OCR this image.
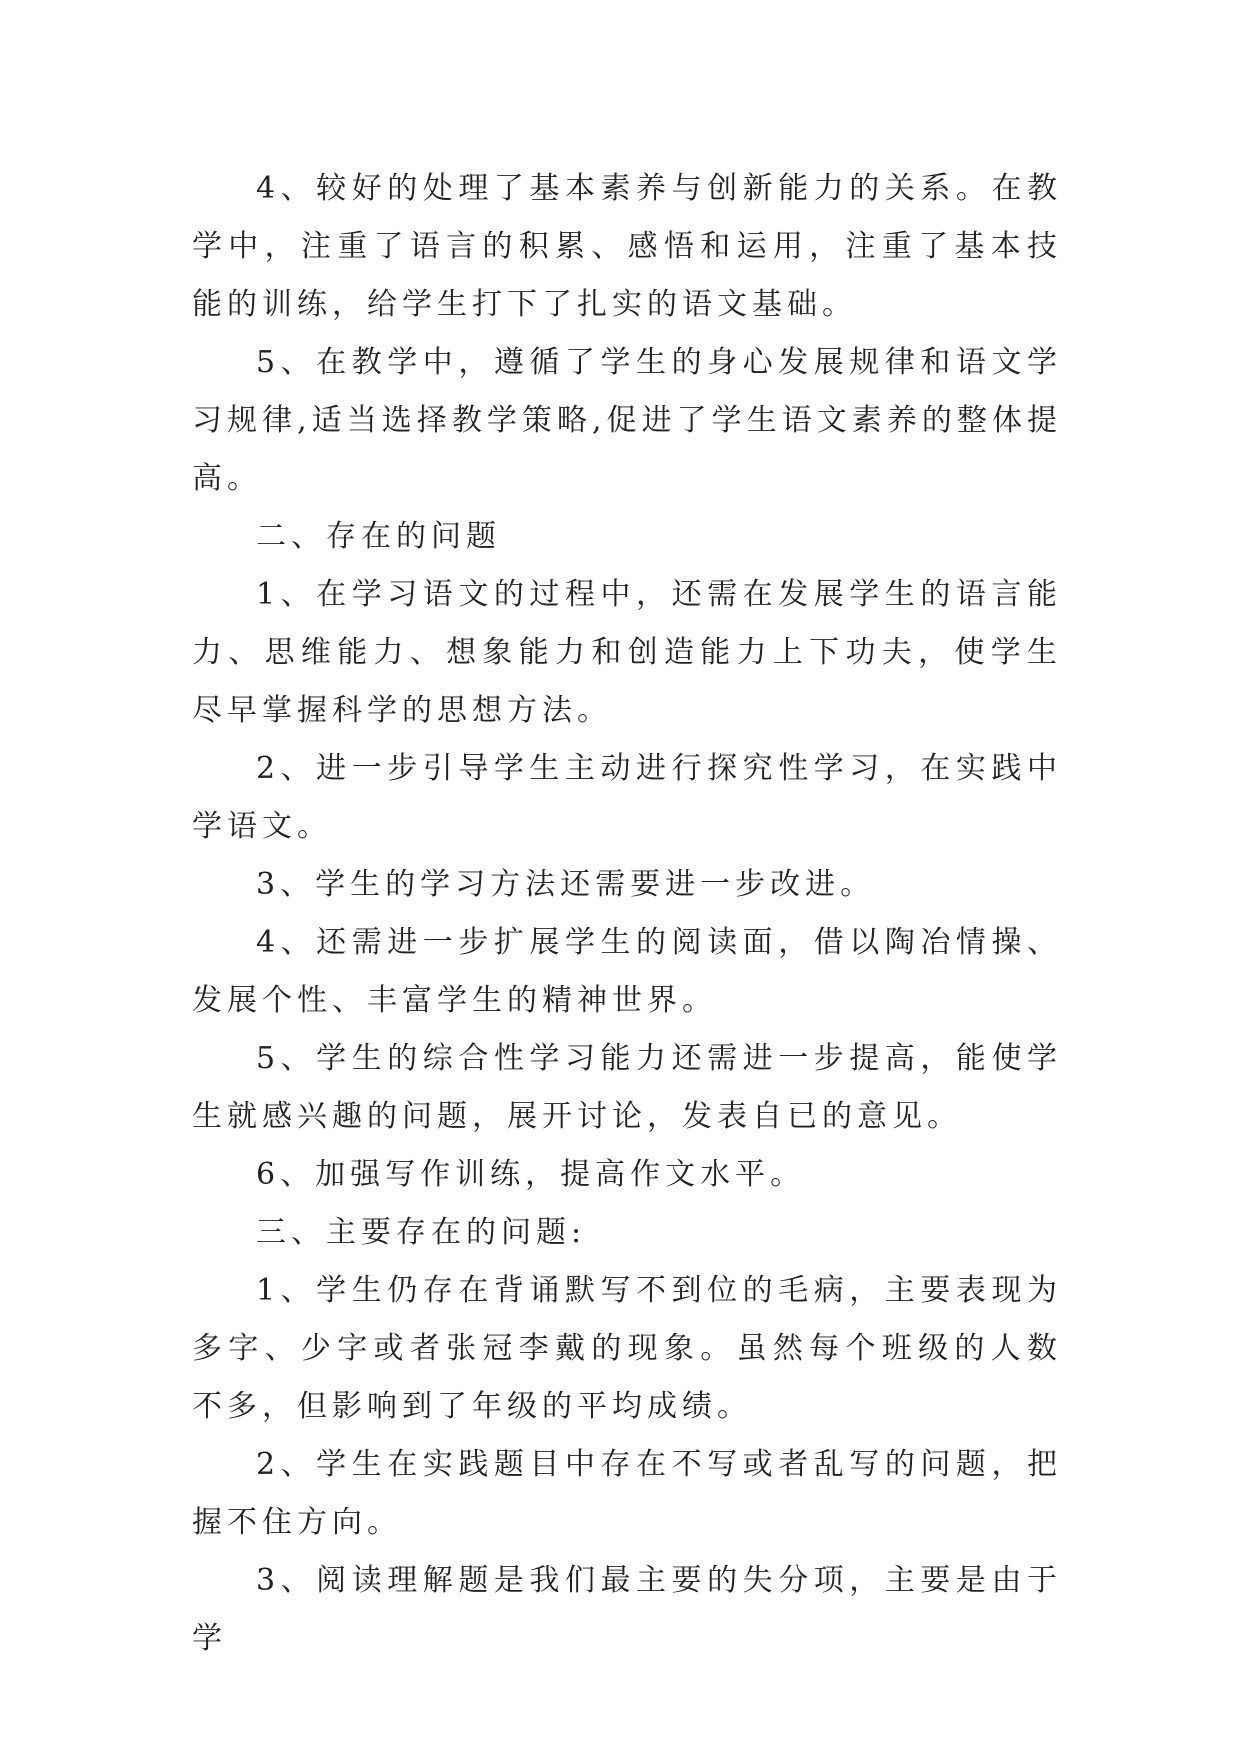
4、较好的处理了基本素养与创新能力的关系。在教学中，注重了语言的积累、感悟和运用，注重了基本技能的训练，给学生打下了扎实的语文基础。

5、在教学中，遵循了学生的身心发展规律和语文学习规律,适当选择教学策略,促进了学生语文素养的整体提高。

二、存在的问题

1、在学习语文的过程中，还需在发展学生的语言能力、思维能力、想象能力和创造能力上下功夫，使学生尽早掌握科学的思想方法。

2、进一步引导学生主动进行探究性学习，在实践中学语文。

3、学生的学习方法还需要进一步改进。

4、还需进一步扩展学生的阅读面，借以陶冶情操、发展个性、丰富学生的精神世界。

5、学生的综合性学习能力还需进一步提高，能使学生就感兴趣的问题，展开讨论，发表自已的意见。

6、加强写作训练，提高作文水平。

三、主要存在的问题:

1、学生仍存在背诵默写不到位的毛病，主要表现为多字、少字或者张冠李戴的现象。虽然每个班级的人数不多，但影响到了年级的平均成绩。

2、学生在实践题目中存在不写或者乱写的问题，把握不住方向。

3、阅读理解题是我们最主要的失分项，主要是由于学
